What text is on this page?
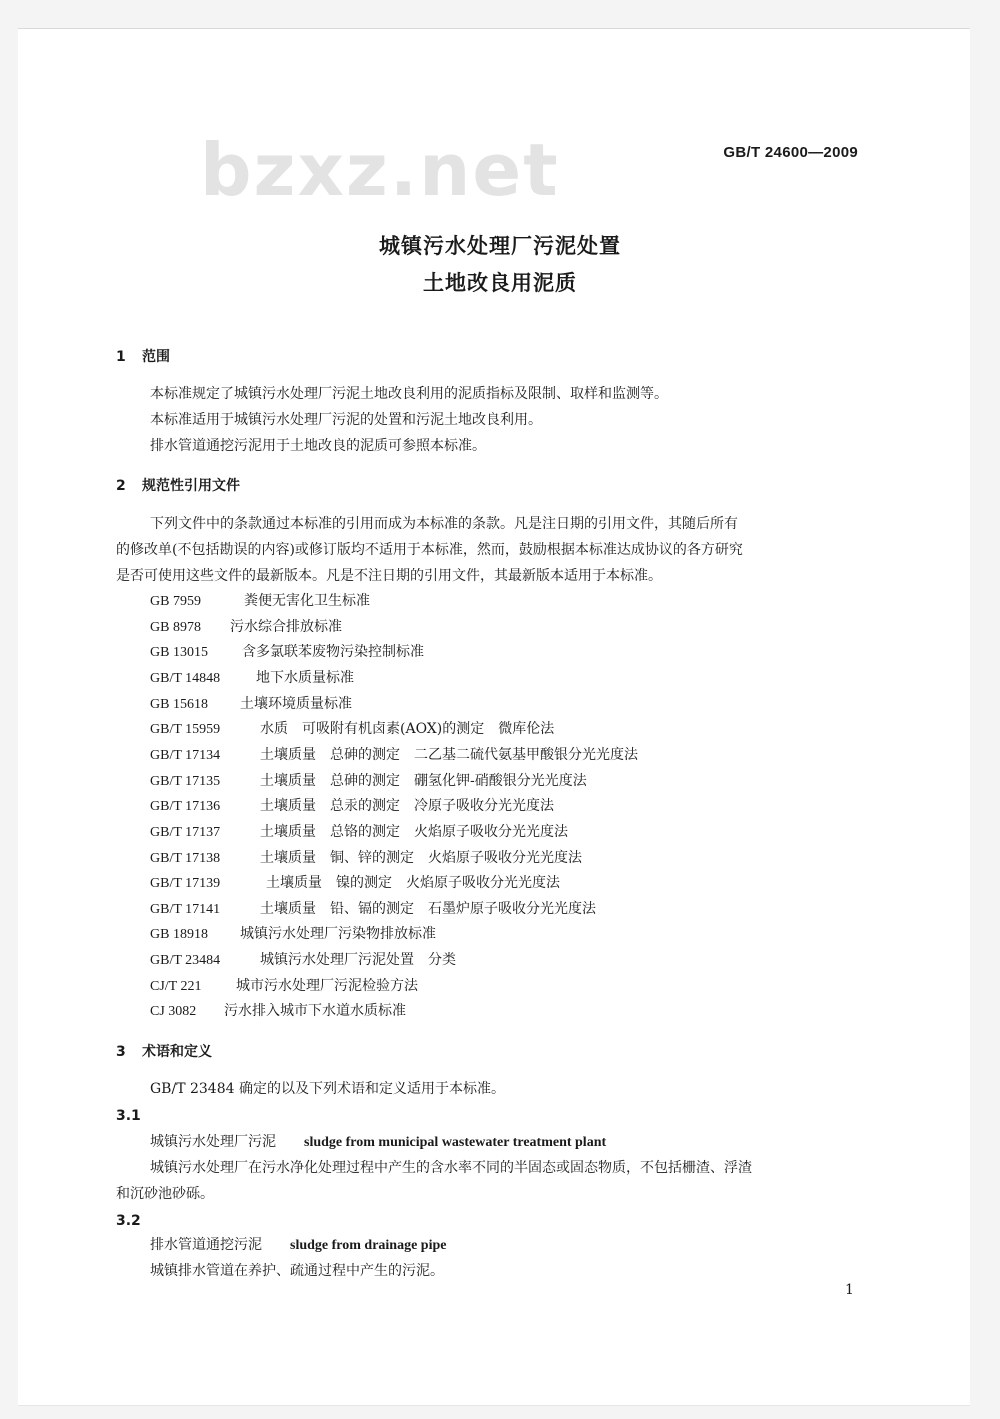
bzxz.net	GB/T 24600—2009
城镇污水处理厂污泥处置
土地改良用泥质
1 范围
本标准规定了城镇污水处理厂污泥土地改良利用的泥质指标及限制、取样和监测等。
本标准适用于城镇污水处理厂污泥的处置和污泥土地改良利用。
排水管道通挖污泥用于土地改良的泥质可参照本标准。
2 规范性引用文件
下列文件中的条款通过本标准的引用而成为本标准的条款。凡是注日期的引用文件，其随后所有
的修改单(不包括勘误的内容)或修订版均不适用于本标准，然而，鼓励根据本标准达成协议的各方研究
是否可使用这些文件的最新版本。凡是不注日期的引用文件，其最新版本适用于本标准。
GB 7959	粪便无害化卫生标准
GB 8978 污水综合排放标准
GB 13015 含多氯联苯废物污染控制标准
GB/T 14848	地下水质量标准
GB 15618 土壤环境质量标准
GB/T 15959	水质　可吸附有机卤素(AOX)的测定　微库伦法
GB/T 17134	土壤质量　总砷的测定　二乙基二硫代氨基甲酸银分光光度法
GB/T 17135	土壤质量　总砷的测定　硼氢化钾-硝酸银分光光度法
GB/T 17136	土壤质量　总汞的测定　冷原子吸收分光光度法
GB/T 17137	土壤质量　总铬的测定　火焰原子吸收分光光度法
GB/T 17138	土壤质量　铜、锌的测定　火焰原子吸收分光光度法
GB/T 17139	土壤质量　镍的测定　火焰原子吸收分光光度法
GB/T 17141	土壤质量　铅、镉的测定　石墨炉原子吸收分光光度法
GB 18918 城镇污水处理厂污染物排放标准
GB/T 23484	城镇污水处理厂污泥处置　分类
CJ/T 221 城市污水处理厂污泥检验方法
CJ 3082 污水排入城市下水道水质标准
3 术语和定义
GB/T 23484 确定的以及下列术语和定义适用于本标准。
3.1
城镇污水处理厂污泥 sludge from municipal wastewater treatment plant
城镇污水处理厂在污水净化处理过程中产生的含水率不同的半固态或固态物质，不包括栅渣、浮渣
和沉砂池砂砾。
3.2
排水管道通挖污泥 sludge from drainage pipe
城镇排水管道在养护、疏通过程中产生的污泥。
1
